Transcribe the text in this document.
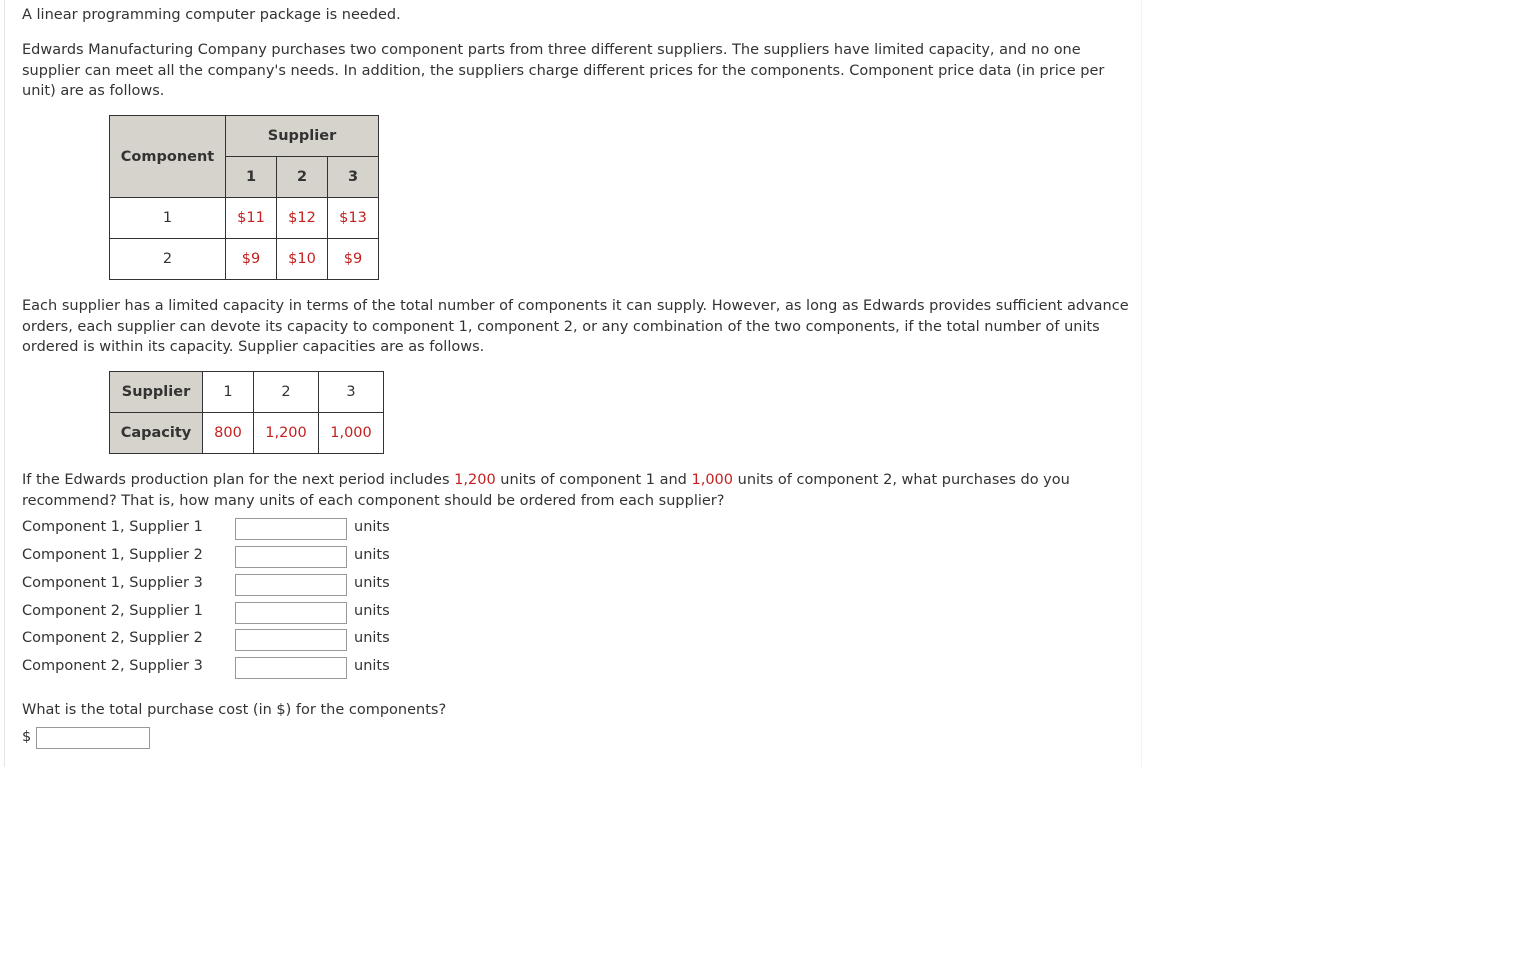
A linear programming computer package is needed.

Edwards Manufacturing Company purchases two component parts from three different suppliers. The suppliers have limited capacity, and no one supplier can meet all the company's needs. In addition, the suppliers charge different prices for the components. Component price data (in price per unit) are as follows.

Component	Supplier		
	1	2	3
1	$11	$12	$13
2	$9	$10	$9

Each supplier has a limited capacity in terms of the total number of components it can supply. However, as long as Edwards provides sufficient advance orders, each supplier can devote its capacity to component 1, component 2, or any combination of the two components, if the total number of units ordered is within its capacity. Supplier capacities are as follows.

Supplier	1	2	3
Capacity	800	1,200	1,000

If the Edwards production plan for the next period includes 1,200 units of component 1 and 1,000 units of component 2, what purchases do you recommend? That is, how many units of each component should be ordered from each supplier?

Component 1, Supplier 1	units
Component 1, Supplier 2	units
Component 1, Supplier 3	units
Component 2, Supplier 1	units
Component 2, Supplier 2	units
Component 2, Supplier 3	units

What is the total purchase cost (in $) for the components?

$
